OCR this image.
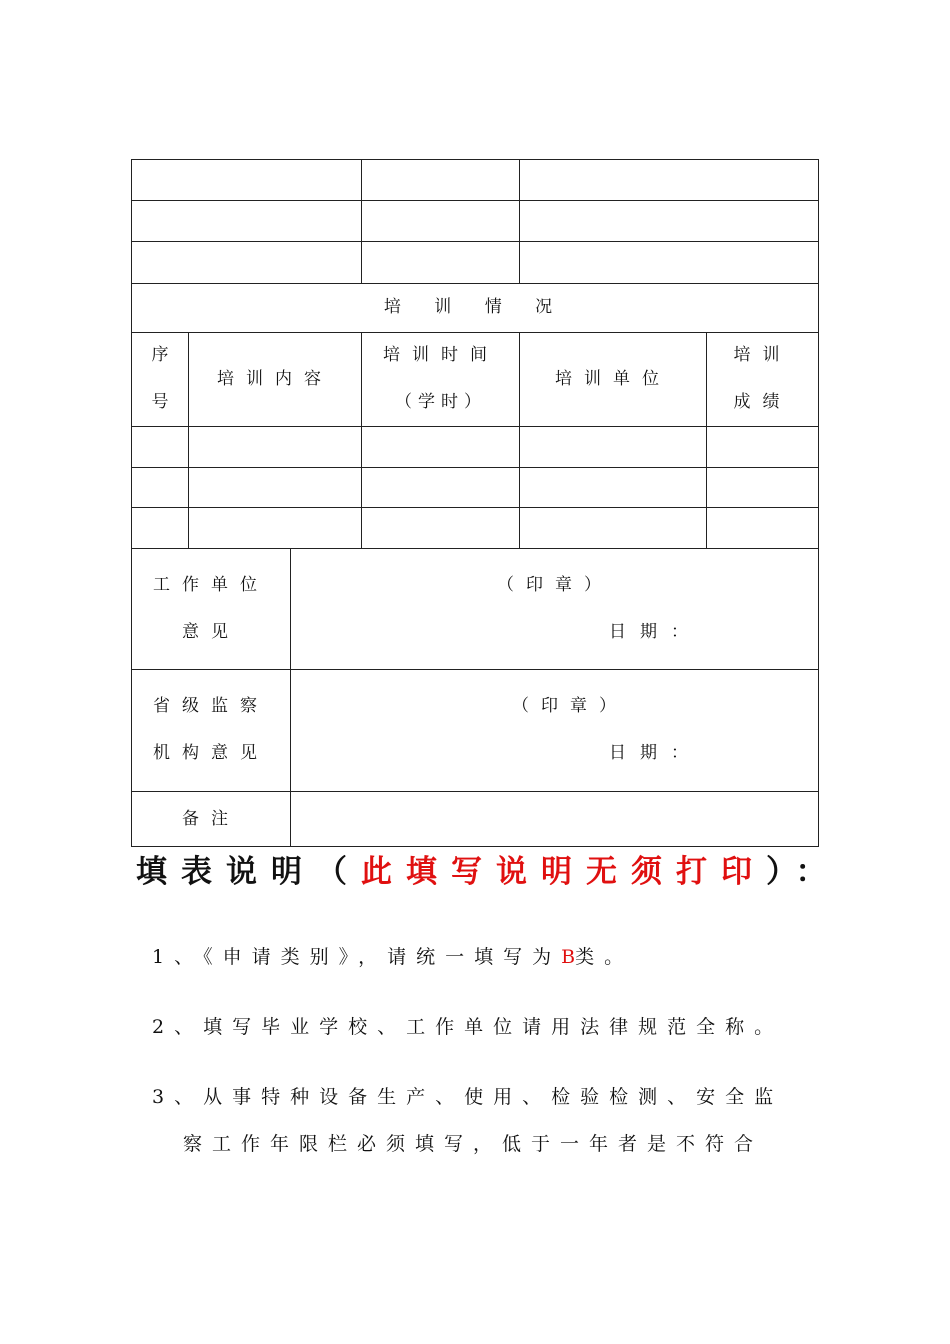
培 训 情 况
序
号
培训内容
培训时间
（学时）
培训单位
培训
成绩
工作单位
意见
（印章）
日期：
省级监察
机构意见
（印章）
日期：
备注
填表说明（此填写说明无须打印）：
1、《申请类别》，请统一填写为B类。
2、填写毕业学校、工作单位请用法律规范全称。
3、从事特种设备生产、使用、检验检测、安全监
察工作年限栏必须填写，低于一年者是不符合
